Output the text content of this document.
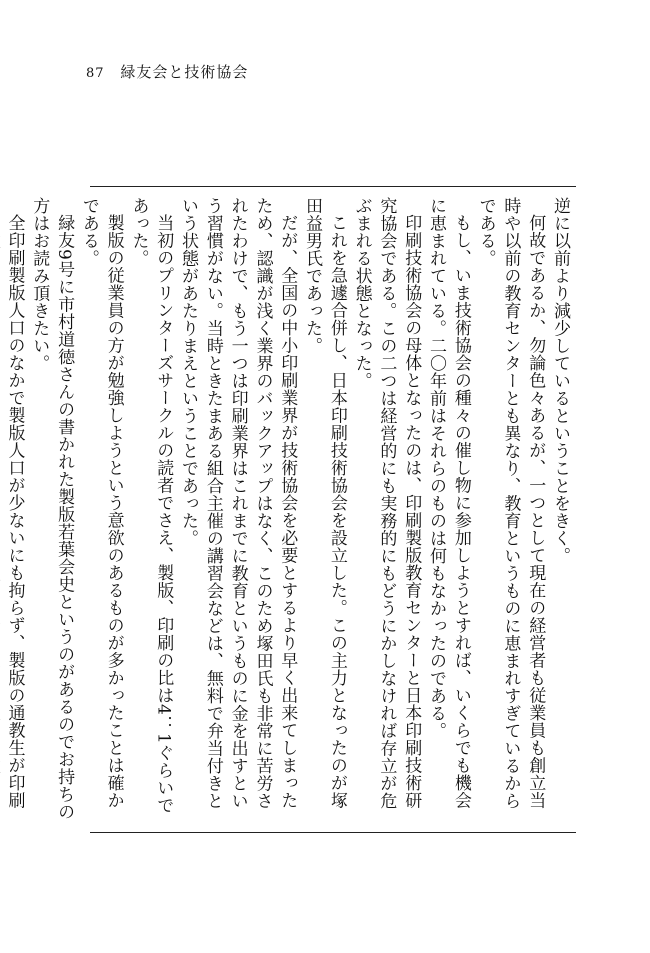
87 緑友会と技術協会

逆に以前より減少しているということをきく。

何故であるか、勿論色々あるが、一つとして現在の経営者も従業員も創立当時や以前の教育センターとも異なり、教育というものに恵まれすぎているからである。

もし、いま技術協会の種々の催し物に参加しようとすれば、いくらでも機会に恵まれている。二〇年前はそれらのものは何もなかったのである。

印刷技術協会の母体となったのは、印刷製版教育センターと日本印刷技術研究協会である。この二つは経営的にも実務的にもどうにかしなければ存立が危ぶまれる状態となった。

これを急遽合併し、日本印刷技術協会を設立した。この主力となったのが塚田益男氏であった。

だが、全国の中小印刷業界が技術協会を必要とするより早く出来てしまったため、認識が浅く業界のバックアップはなく、このため塚田氏も非常に苦労されたわけで、もう一つは印刷業界はこれまでに教育というものに金を出すという習慣がない。当時ときたまある組合主催の講習会などは、無料で弁当付きという状態があたりまえということであった。

当初のプリンターズサークルの読者でさえ、製版、印刷の比は4：1ぐらいであった。

製版の従業員の方が勉強しようという意欲のあるものが多かったことは確かである。

緑友9号に市村道徳さんの書かれた製版若葉会史というのがあるのでお持ちの方はお読み頂きたい。

全印刷製版人口のなかで製版人口が少ないにも拘らず、製版の通教生が印刷
